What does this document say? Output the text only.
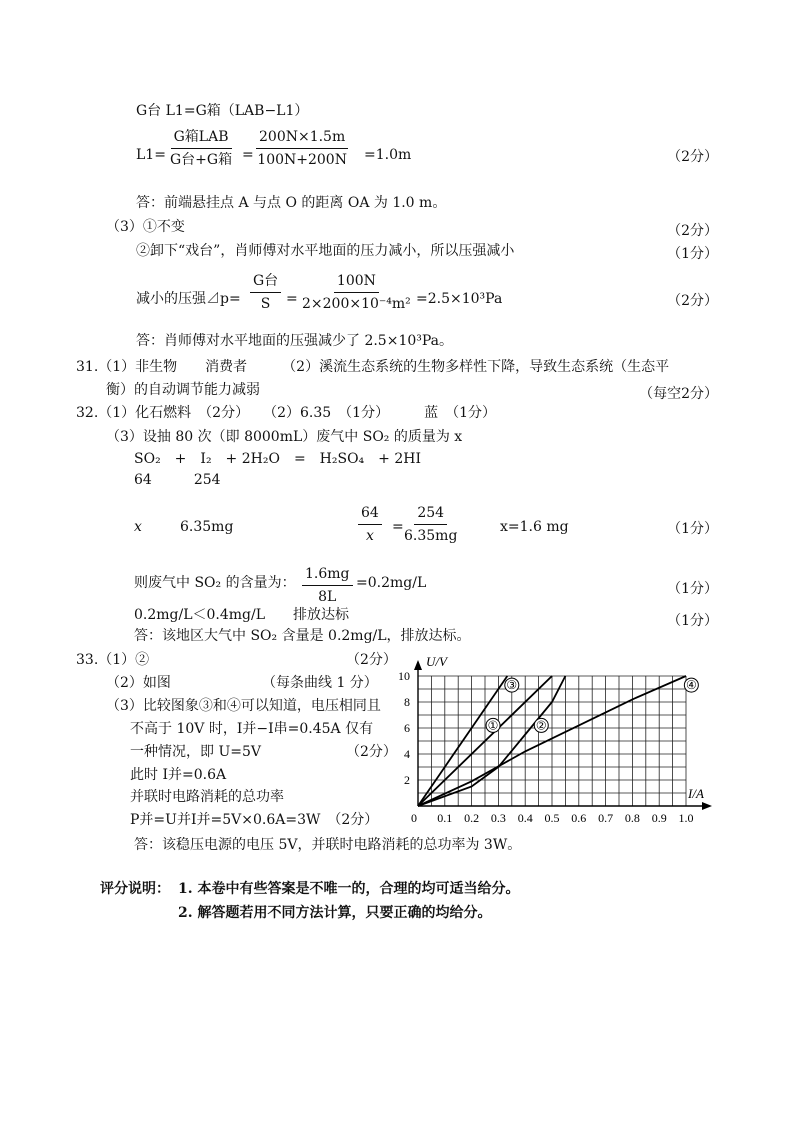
G台 L1=G箱（LAB−L1）
L1=
G箱LAB
G台+G箱 = $\frac{200N\times 1.5m}{100N+200N} =1.0m$	（2分）
答：前端悬挂点 A 与点 O 的距离 OA 为 1.0 m。
（3）①不变	（2分）
②卸下“戏台”，肖师傅对水平地面的压力减小，所以压强减小	（1分）
减小的压强⊿p=
G台
$S = \frac{100N}{\text{2×200×10⁻⁴m²}} =2.5\times 10^3Pa$	（2分）
答：肖师傅对水平地面的压强减少了 2.5×10³Pa。
31.（1）非生物　　消费者　　　（2）溪流生态系统的生物多样性下降，导致生态系统（生态平
衡）的自动调节能力减弱	（每空2分）
32.（1）化石燃料　（2分）　　（2）6.35　（1分）　　　蓝　（1分）
（3）设抽 80 次（即 8000mL）废气中 SO₂ 的质量为 x
SO₂　+　I₂　+ 2H₂O　=　H₂SO₄　+ 2HI
64　　　254
x	6.35mg	$\frac{64}{x} = \frac{254}{6.35mg}$	x=1.6 mg	（1分）
则废气中 SO₂ 的含量为： $\frac{1.6mg}{8L} =0.2mg/L$	（1分）
0.2mg/L＜0.4mg/L　　排放达标	（1分）
答：该地区大气中 SO₂ 含量是 0.2mg/L，排放达标。
33.（1）②	（2分）
（2）如图	（每条曲线 1 分）
（3）比较图象③和④可以知道，电压相同且
不高于 10V 时，I并−I串=0.45A 仅有
一种情况，即 U=5V	（2分）
此时 I并=0.6A
并联时电路消耗的总功率
P并=U并I并=5V×0.6A=3W　（2分）
答：该稳压电源的电压 5V，并联时电路消耗的总功率为 3W。
U/V
I/A
0 0.1 0.2 0.3 0.4 0.5 0.6 0.7 0.8 0.9 1.0
2
4
6
8
10
①	②
③	④
评分说明： 1. 本卷中有些答案是不唯一的，合理的均可适当给分。
2. 解答题若用不同方法计算，只要正确的均给分。
